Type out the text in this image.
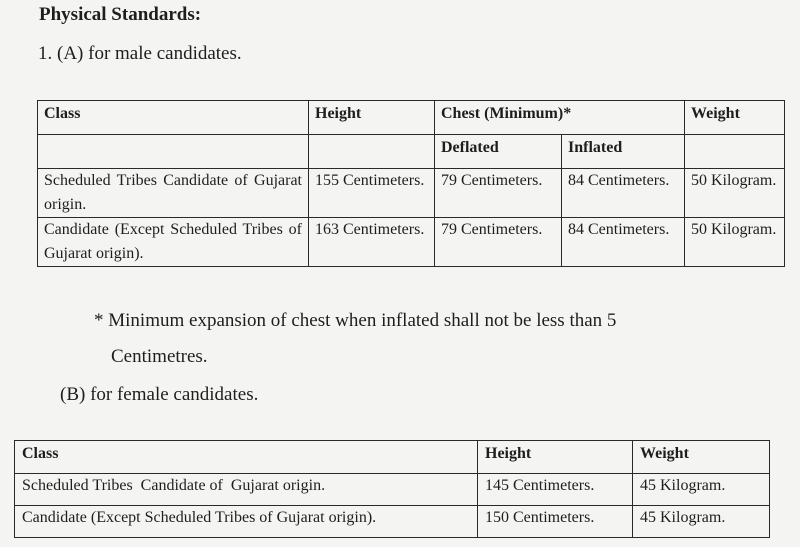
Physical Standards:
1. (A) for male candidates.
Class	Height	Chest (Minimum)*		Weight
		Deflated	Inflated	
Scheduled Tribes Candidate of Gujarat origin.	155 Centimeters.	79 Centimeters.	84 Centimeters.	50 Kilogram.
Candidate (Except Scheduled Tribes of Gujarat origin).	163 Centimeters.	79 Centimeters.	84 Centimeters.	50 Kilogram.
* Minimum expansion of chest when inflated shall not be less than 5
Centimetres.
(B) for female candidates.
Class	Height	Weight
Scheduled Tribes  Candidate of  Gujarat origin.	145 Centimeters.	45 Kilogram.
Candidate (Except Scheduled Tribes of Gujarat origin).	150 Centimeters.	45 Kilogram.
